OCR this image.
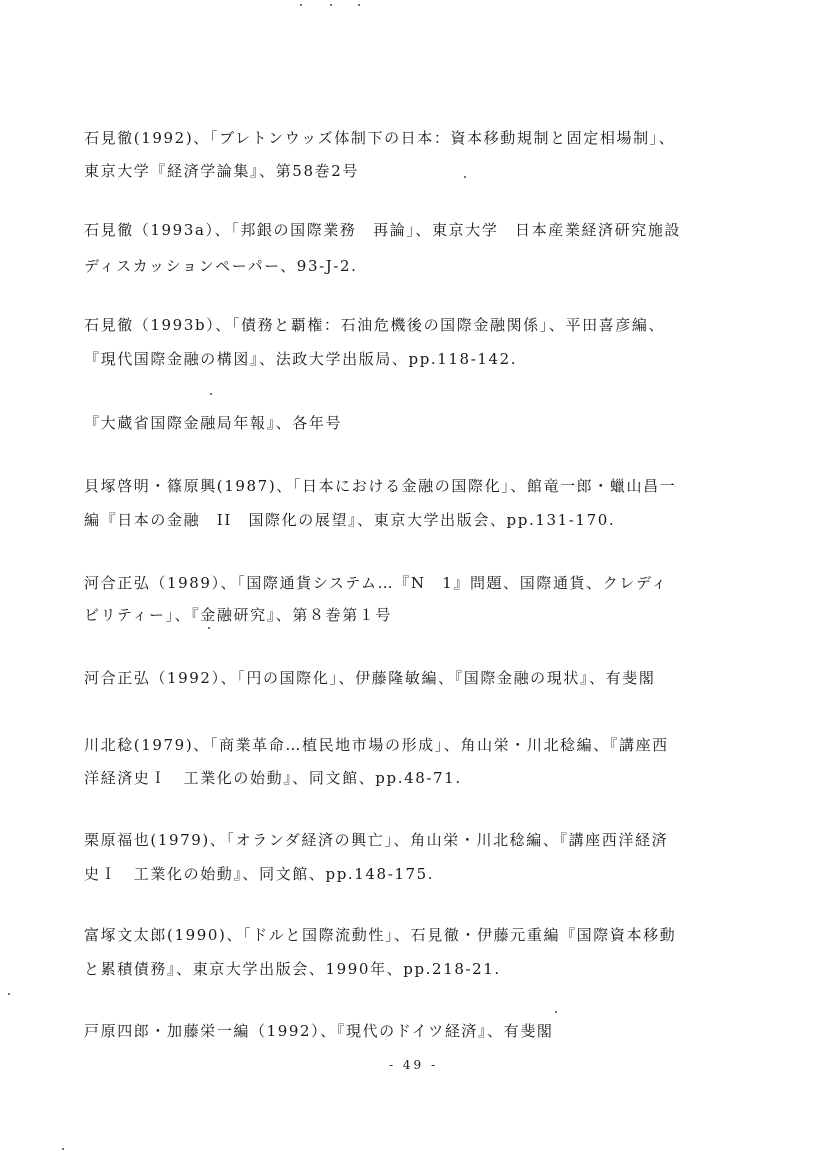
石見徹(1992)、「ブレトンウッズ体制下の日本：資本移動規制と固定相場制」、
東京大学『経済学論集』、第58巻2号
石見徹（1993a）、「邦銀の国際業務　再論」、東京大学　日本産業経済研究施設
ディスカッションペーパー、93-J-2.
石見徹（1993b）、「債務と覇権：石油危機後の国際金融関係」、平田喜彦編、
『現代国際金融の構図』、法政大学出版局、pp.118-142.
『大蔵省国際金融局年報』、各年号
貝塚啓明・篠原興(1987)、「日本における金融の国際化」、館竜一郎・蠟山昌一
編『日本の金融　II　国際化の展望』、東京大学出版会、pp.131-170.
河合正弘（1989）、「国際通貨システム…『N　1』問題、国際通貨、クレディ
ビリティー」、『金融研究』、第８巻第１号
河合正弘（1992）、「円の国際化」、伊藤隆敏編、『国際金融の現状』、有斐閣
川北稔(1979)、「商業革命…植民地市場の形成」、角山栄・川北稔編、『講座西
洋経済史Ｉ　工業化の始動』、同文館、pp.48-71.
栗原福也(1979)、「オランダ経済の興亡」、角山栄・川北稔編、『講座西洋経済
史Ｉ　工業化の始動』、同文館、pp.148-175.
富塚文太郎(1990)、「ドルと国際流動性」、石見徹・伊藤元重編『国際資本移動
と累積債務』、東京大学出版会、1990年、pp.218-21.
戸原四郎・加藤栄一編（1992）、『現代のドイツ経済』、有斐閣
- 49 -
